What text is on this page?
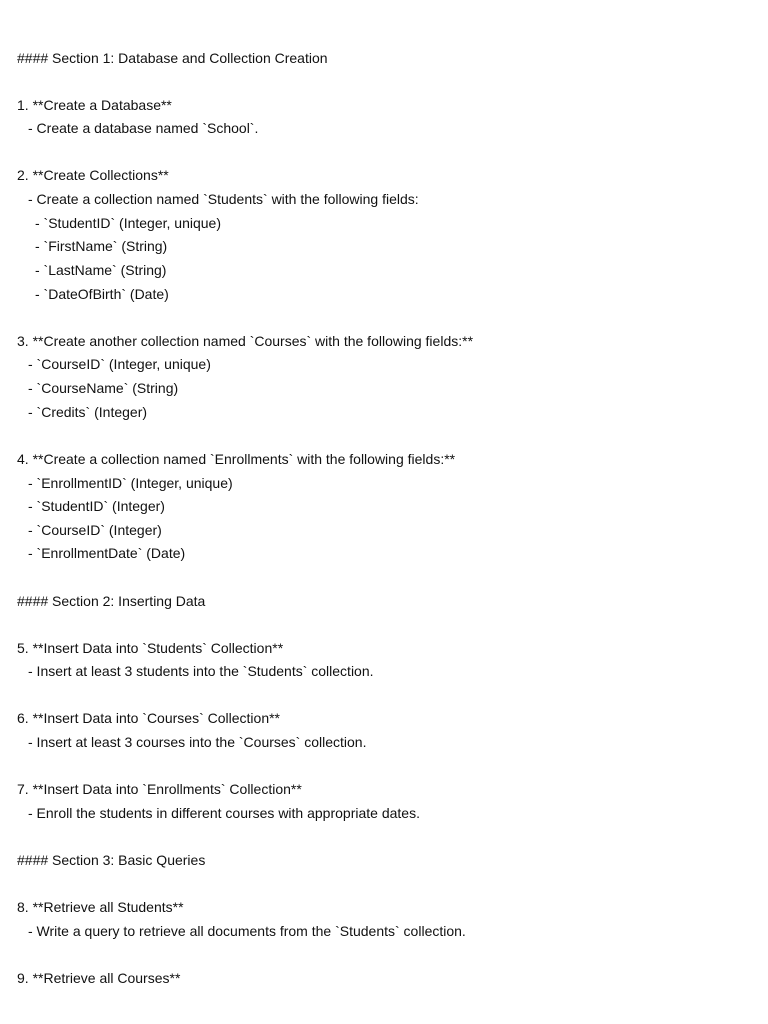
#### Section 1: Database and Collection Creation
1. **Create a Database**
- Create a database named `School`.
2. **Create Collections**
- Create a collection named `Students` with the following fields:
- `StudentID` (Integer, unique)
- `FirstName` (String)
- `LastName` (String)
- `DateOfBirth` (Date)
3. **Create another collection named `Courses` with the following fields:**
- `CourseID` (Integer, unique)
- `CourseName` (String)
- `Credits` (Integer)
4. **Create a collection named `Enrollments` with the following fields:**
- `EnrollmentID` (Integer, unique)
- `StudentID` (Integer)
- `CourseID` (Integer)
- `EnrollmentDate` (Date)
#### Section 2: Inserting Data
5. **Insert Data into `Students` Collection**
- Insert at least 3 students into the `Students` collection.
6. **Insert Data into `Courses` Collection**
- Insert at least 3 courses into the `Courses` collection.
7. **Insert Data into `Enrollments` Collection**
- Enroll the students in different courses with appropriate dates.
#### Section 3: Basic Queries
8. **Retrieve all Students**
- Write a query to retrieve all documents from the `Students` collection.
9. **Retrieve all Courses**
